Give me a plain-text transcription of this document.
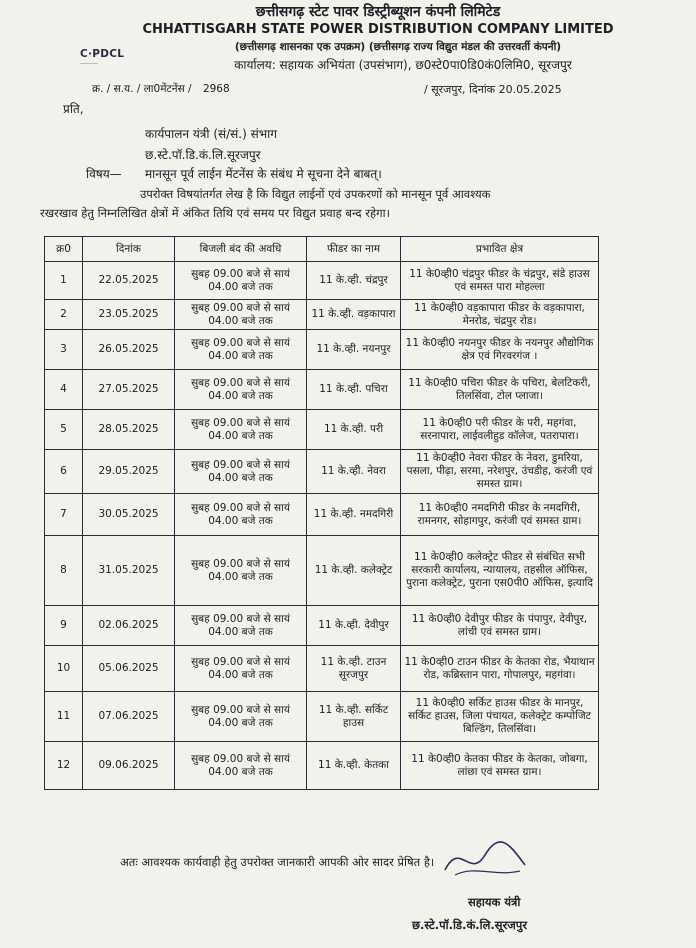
C·PDCL
──────
छत्तीसगढ़ स्टेट पावर डिस्ट्रीब्यूशन कंपनी लिमिटेड
CHHATTISGARH STATE POWER DISTRIBUTION COMPANY LIMITED
(छत्तीसगढ़ शासनका एक उपक्रम) (छत्तीसगढ़ राज्य विद्युत मंडल की उत्तरवर्ती कंपनी)
कार्यालय: सहायक अभियंता (उपसंभाग), छ0स्टे0पा0डि0कं0लिमि0, सूरजपुर
क्र. / स.य. / ला0मेंटनेंस / 2968	/ सूरजपुर, दिनांक 20.05.2025
प्रति,
कार्यपालन यंत्री (सं/सं.) संभाग
छ.स्टे.पॉ.डि.कं.लि.सूरजपुर
विषय— मानसून पूर्व लाईन मेंटनेंस के संबंध मे सूचना देने बाबत्।
उपरोक्त विषयांतर्गत लेख है कि विद्युत लाईनों एवं उपकरणों को मानसून पूर्व आवश्यक
रखरखाव हेतु निम्नलिखित क्षेत्रों में अंकित तिथि एवं समय पर विद्युत प्रवाह बन्द रहेगा।
क्र0	दिनांक	बिजली बंद की अवधि	फीडर का नाम	प्रभावित क्षेत्र
1	22.05.2025	सुबह 09.00 बजे से सायं 04.00 बजे तक	11 के.व्ही. चंद्रपुर	11 के0व्ही0 चंद्रपुर फीडर के चंद्रपुर, संडे हाउस एवं समस्त पारा मोहल्ला
2	23.05.2025	सुबह 09.00 बजे से सायं 04.00 बजे तक	11 के.व्ही. वड़कापारा	11 के0व्ही0 वड़कापारा फीडर के वड़कापारा, मेनरोड, चंद्रपुर रोड।
3	26.05.2025	सुबह 09.00 बजे से सायं 04.00 बजे तक	11 के.व्ही. नयनपुर	11 के0व्ही0 नयनपुर फीडर के नयनपुर औद्योगिक क्षेत्र एवं गिरवरगंज ।
4	27.05.2025	सुबह 09.00 बजे से सायं 04.00 बजे तक	11 के.व्ही. पचिरा	11 के0व्ही0 पचिरा फीडर के पचिरा, बेलटिकरी, तिलसिंवा, टोल प्लाजा।
5	28.05.2025	सुबह 09.00 बजे से सायं 04.00 बजे तक	11 के.व्ही. परी	11 के0व्ही0 परी फीडर के परी, महगंवा, सरनापारा, लाईवलीहुड कॉलेज, पतरापारा।
6	29.05.2025	सुबह 09.00 बजे से सायं 04.00 बजे तक	11 के.व्ही. नेवरा	11 के0व्ही0 नेवरा फीडर के नेवरा, डुमरिया, पसला, पीढ़ा, सरमा, नरेशपुर, उंचडीह, करंजी एवं समस्त ग्राम।
7	30.05.2025	सुबह 09.00 बजे से सायं 04.00 बजे तक	11 के.व्ही. नमदगिरी	11 के0व्ही0 नमदगिरी फीडर के नमदगिरी, रामनगर, सोहागपुर, करंजी एवं समस्त ग्राम।
8	31.05.2025	सुबह 09.00 बजे से सायं 04.00 बजे तक	11 के.व्ही. कलेक्ट्रेट	11 के0व्ही0 कलेक्ट्रेट फीडर से संबंधित सभी सरकारी कार्यालय, न्यायालय, तहसील ऑफिस, पुराना कलेक्ट्रेट, पुराना एस0पी0 ऑफिस, इत्यादि
9	02.06.2025	सुबह 09.00 बजे से सायं 04.00 बजे तक	11 के.व्ही. देवीपुर	11 के0व्ही0 देवीपुर फीडर के पंपापुर, देवीपुर, लांची एवं समस्त ग्राम।
10	05.06.2025	सुबह 09.00 बजे से सायं 04.00 बजे तक	11 के.व्ही. टाउन सूरजपुर	11 के0व्ही0 टाउन फीडर के केतका रोड, भैयाथान रोड, कब्रिस्तान पारा, गोपालपुर, महगंवा।
11	07.06.2025	सुबह 09.00 बजे से सायं 04.00 बजे तक	11 के.व्ही. सर्किट हाउस	11 के0व्ही0 सर्किट हाउस फीडर के मानपुर, सर्किट हाउस, जिला पंचायत, कलेक्ट्रेट कम्पोजिट बिल्डिंग, तिलसिंवा।
12	09.06.2025	सुबह 09.00 बजे से सायं 04.00 बजे तक	11 के.व्ही. केतका	11 के0व्ही0 केतका फीडर के केतका, जोबगा, लांछा एवं समस्त ग्राम।
अतः आवश्यक कार्यवाही हेतु उपरोक्त जानकारी आपकी ओर सादर प्रेषित है।
सहायक यंत्री
छ.स्टे.पॉ.डि.कं.लि.सूरजपुर
